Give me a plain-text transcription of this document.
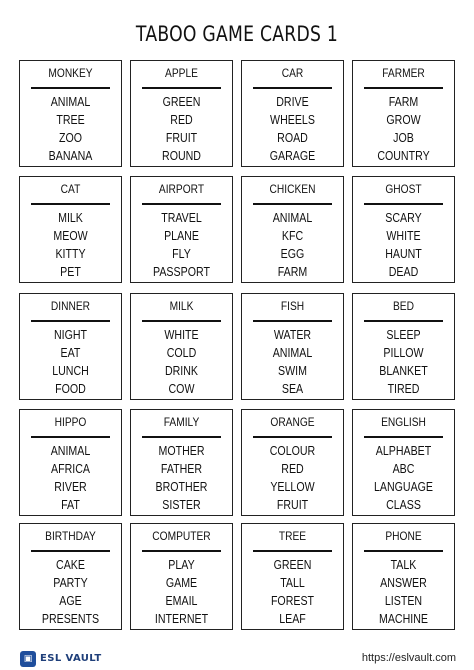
TABOO GAME CARDS 1
MONKEY
ANIMAL
TREE
ZOO
BANANA
APPLE
GREEN
RED
FRUIT
ROUND
CAR
DRIVE
WHEELS
ROAD
GARAGE
FARMER
FARM
GROW
JOB
COUNTRY
CAT
MILK
MEOW
KITTY
PET
AIRPORT
TRAVEL
PLANE
FLY
PASSPORT
CHICKEN
ANIMAL
KFC
EGG
FARM
GHOST
SCARY
WHITE
HAUNT
DEAD
DINNER
NIGHT
EAT
LUNCH
FOOD
MILK
WHITE
COLD
DRINK
COW
FISH
WATER
ANIMAL
SWIM
SEA
BED
SLEEP
PILLOW
BLANKET
TIRED
HIPPO
ANIMAL
AFRICA
RIVER
FAT
FAMILY
MOTHER
FATHER
BROTHER
SISTER
ORANGE
COLOUR
RED
YELLOW
FRUIT
ENGLISH
ALPHABET
ABC
LANGUAGE
CLASS
BIRTHDAY
CAKE
PARTY
AGE
PRESENTS
COMPUTER
PLAY
GAME
EMAIL
INTERNET
TREE
GREEN
TALL
FOREST
LEAF
PHONE
TALK
ANSWER
LISTEN
MACHINE
▣ ESL VAULT	https://eslvault.com
